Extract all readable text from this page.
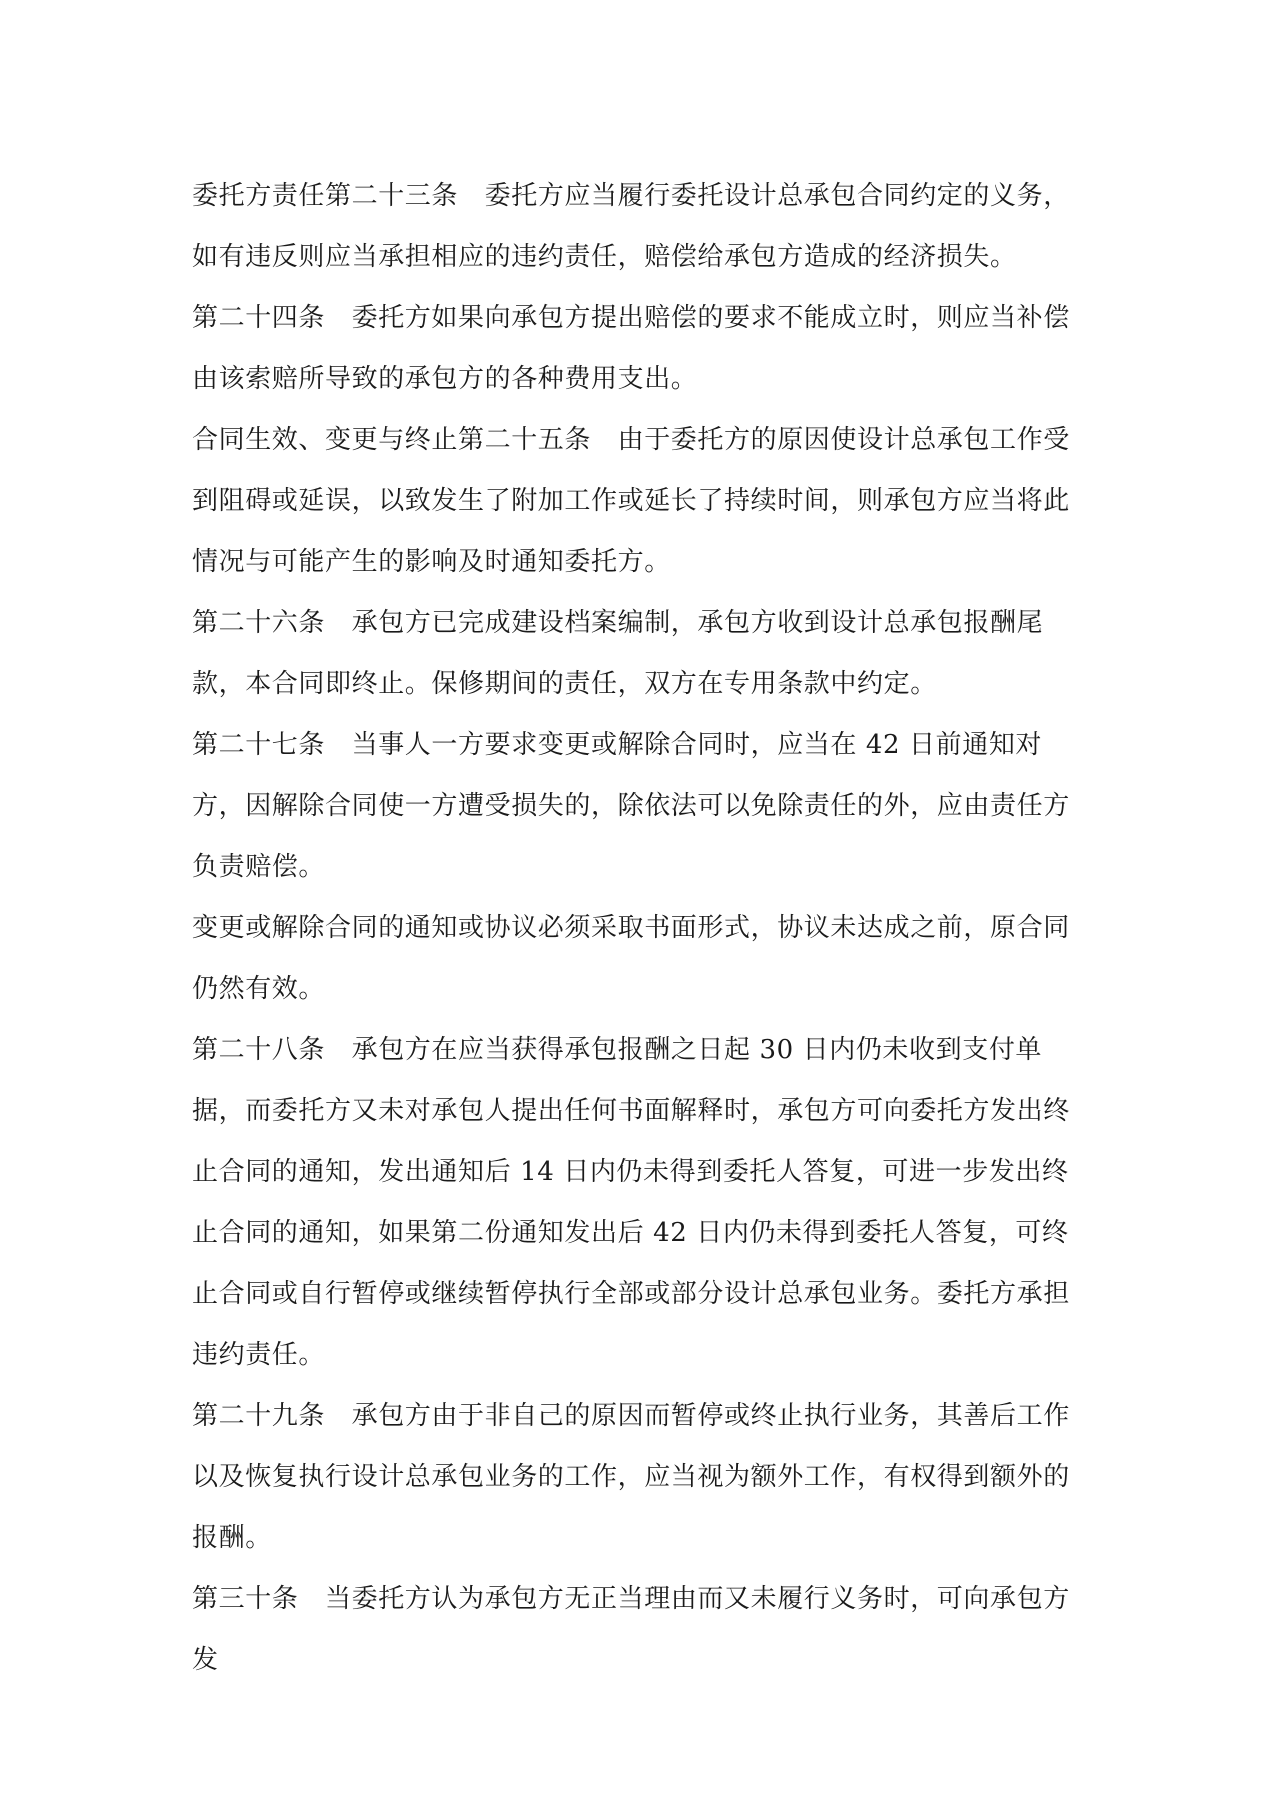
委托方责任第二十三条　委托方应当履行委托设计总承包合同约定的义务，如有违反则应当承担相应的违约责任，赔偿给承包方造成的经济损失。

第二十四条　委托方如果向承包方提出赔偿的要求不能成立时，则应当补偿由该索赔所导致的承包方的各种费用支出。

合同生效、变更与终止第二十五条　由于委托方的原因使设计总承包工作受到阻碍或延误，以致发生了附加工作或延长了持续时间，则承包方应当将此情况与可能产生的影响及时通知委托方。

第二十六条　承包方已完成建设档案编制，承包方收到设计总承包报酬尾款，本合同即终止。保修期间的责任，双方在专用条款中约定。

第二十七条　当事人一方要求变更或解除合同时，应当在 42 日前通知对方，因解除合同使一方遭受损失的，除依法可以免除责任的外，应由责任方负责赔偿。

变更或解除合同的通知或协议必须采取书面形式，协议未达成之前，原合同仍然有效。

第二十八条　承包方在应当获得承包报酬之日起 30 日内仍未收到支付单据，而委托方又未对承包人提出任何书面解释时，承包方可向委托方发出终止合同的通知，发出通知后 14 日内仍未得到委托人答复，可进一步发出终止合同的通知，如果第二份通知发出后 42 日内仍未得到委托人答复，可终止合同或自行暂停或继续暂停执行全部或部分设计总承包业务。委托方承担违约责任。

第二十九条　承包方由于非自己的原因而暂停或终止执行业务，其善后工作以及恢复执行设计总承包业务的工作，应当视为额外工作，有权得到额外的报酬。

第三十条　当委托方认为承包方无正当理由而又未履行义务时，可向承包方发
